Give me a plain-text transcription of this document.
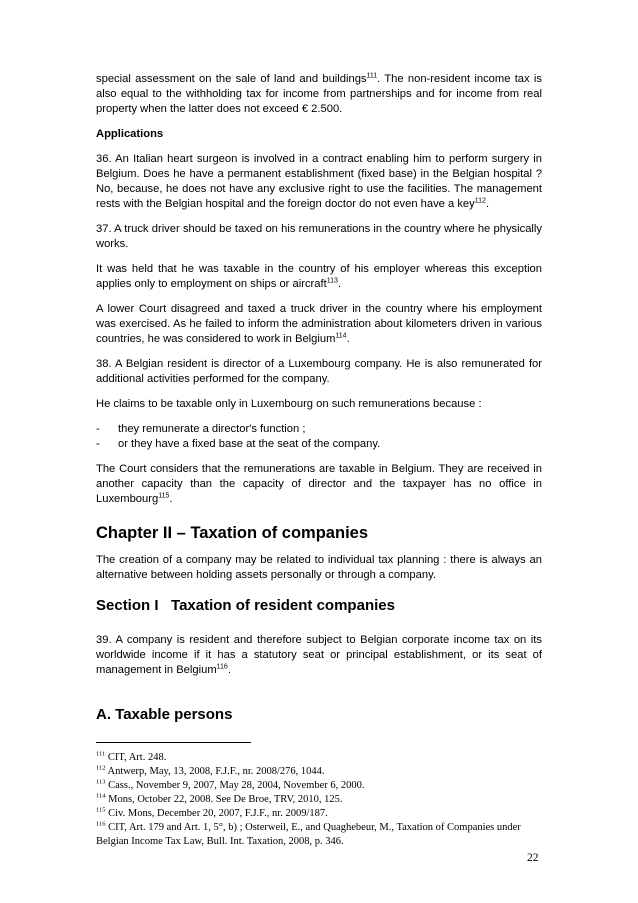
special assessment on the sale of land and buildings$^{111}$. The non-resident income tax is also equal to the withholding tax for income from partnerships and for income from real property when the latter does not exceed € 2.500.

Applications

36. An Italian heart surgeon is involved in a contract enabling him to perform surgery in Belgium. Does he have a permanent establishment (fixed base) in the Belgian hospital ? No, because, he does not have any exclusive right to use the facilities. The management rests with the Belgian hospital and the foreign doctor do not even have a key$^{112}$.

37. A truck driver should be taxed on his remunerations in the country where he physically works.

It was held that he was taxable in the country of his employer whereas this exception applies only to employment on ships or aircraft$^{113}$.

A lower Court disagreed and taxed a truck driver in the country where his employment was exercised. As he failed to inform the administration about kilometers driven in various countries, he was considered to work in Belgium$^{114}$.

38. A Belgian resident is director of a Luxembourg company. He is also remunerated for additional activities performed for the company.

He claims to be taxable only in Luxembourg on such remunerations because :

- they remunerate a director's function ;
- or they have a fixed base at the seat of the company.

The Court considers that the remunerations are taxable in Belgium. They are received in another capacity than the capacity of director and the taxpayer has no office in Luxembourg$^{115}$.

Chapter II – Taxation of companies

The creation of a company may be related to individual tax planning : there is always an alternative between holding assets personally or through a company.

Section I   Taxation of resident companies

39. A company is resident and therefore subject to Belgian corporate income tax on its worldwide income if it has a statutory seat or principal establishment, or its seat of management in Belgium$^{116}$.

A. Taxable persons

$^{111}$ CIT, Art. 248.

$^{112}$ Antwerp, May, 13, 2008, F.J.F., nr. 2008/276, 1044.

$^{113}$ Cass., November 9, 2007, May 28, 2004, November 6, 2000.

$^{114}$ Mons, October 22, 2008. See De Broe, TRV, 2010, 125.

$^{115}$ Civ. Mons, December 20, 2007, F.J.F., nr. 2009/187.

$^{116}$ CIT, Art. 179 and Art. 1, 5°, b) ; Osterweil, E., and Quaghebeur, M., Taxation of Companies under Belgian Income Tax Law, Bull. Int. Taxation, 2008, p. 346.

22
